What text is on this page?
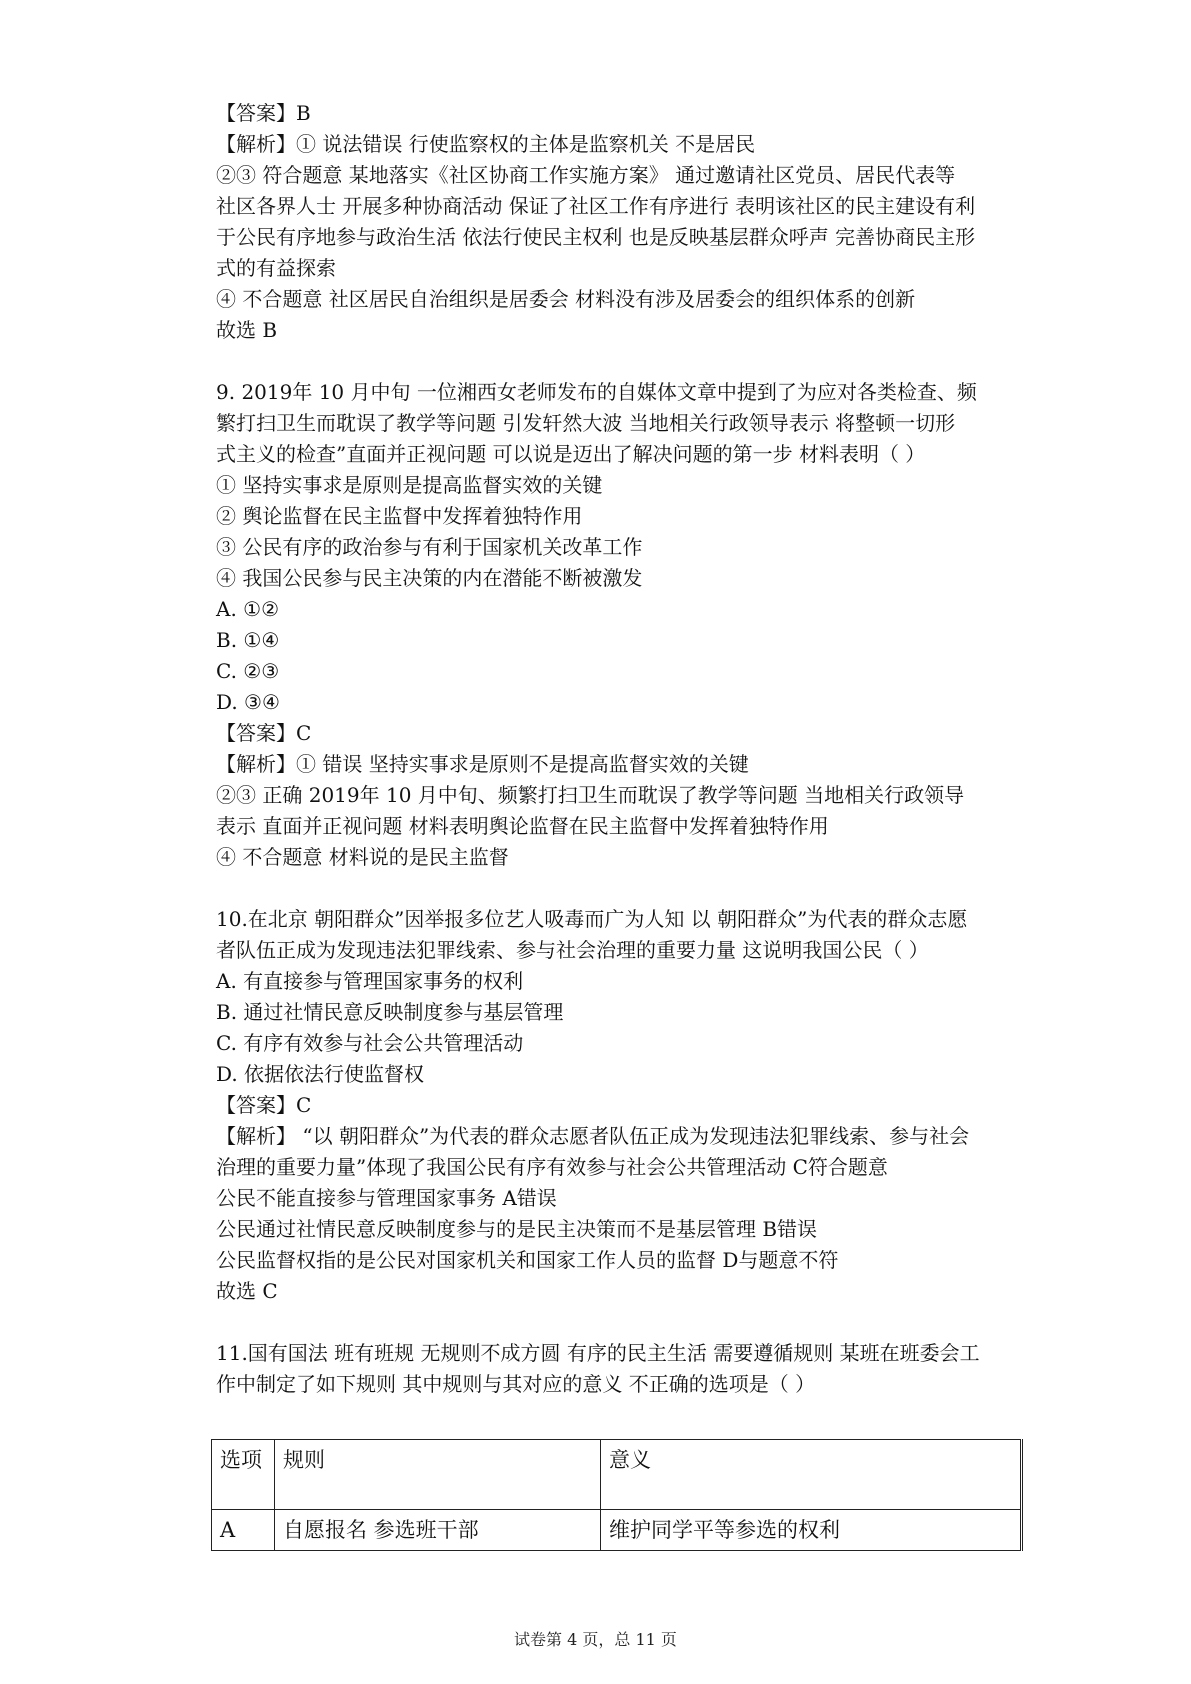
【答案】B
【解析】① 说法错误 行使监察权的主体是监察机关 不是居民
②③ 符合题意 某地落实《社区协商工作实施方案》 通过邀请社区党员、居民代表等
社区各界人士 开展多种协商活动 保证了社区工作有序进行 表明该社区的民主建设有利
于公民有序地参与政治生活 依法行使民主权利 也是反映基层群众呼声 完善协商民主形
式的有益探索
④ 不合题意 社区居民自治组织是居委会 材料没有涉及居委会的组织体系的创新
故选 B
9. 2019年 10 月中旬 一位湘西女老师发布的自媒体文章中提到了为应对各类检查、频
繁打扫卫生而耽误了教学等问题 引发轩然大波 当地相关行政领导表示 将整顿一切形
式主义的检查”直面并正视问题 可以说是迈出了解决问题的第一步 材料表明（ ）
① 坚持实事求是原则是提高监督实效的关键
② 舆论监督在民主监督中发挥着独特作用
③ 公民有序的政治参与有利于国家机关改革工作
④ 我国公民参与民主决策的内在潜能不断被激发
A. ①②
B. ①④
C. ②③
D. ③④
【答案】C
【解析】① 错误 坚持实事求是原则不是提高监督实效的关键
②③ 正确 2019年 10 月中旬、频繁打扫卫生而耽误了教学等问题 当地相关行政领导
表示 直面并正视问题 材料表明舆论监督在民主监督中发挥着独特作用
④ 不合题意 材料说的是民主监督
10.在北京 朝阳群众”因举报多位艺人吸毒而广为人知 以 朝阳群众”为代表的群众志愿
者队伍正成为发现违法犯罪线索、参与社会治理的重要力量 这说明我国公民（ ）
A. 有直接参与管理国家事务的权利
B. 通过社情民意反映制度参与基层管理
C. 有序有效参与社会公共管理活动
D. 依据依法行使监督权
【答案】C
【解析】 “以 朝阳群众”为代表的群众志愿者队伍正成为发现违法犯罪线索、参与社会
治理的重要力量”体现了我国公民有序有效参与社会公共管理活动 C符合题意
公民不能直接参与管理国家事务 A错误
公民通过社情民意反映制度参与的是民主决策而不是基层管理 B错误
公民监督权指的是公民对国家机关和国家工作人员的监督 D与题意不符
故选 C
11.国有国法 班有班规 无规则不成方圆 有序的民主生活 需要遵循规则 某班在班委会工
作中制定了如下规则 其中规则与其对应的意义 不正确的选项是（ ）
选项	规则	意义
A	自愿报名 参选班干部	维护同学平等参选的权利
试卷第 4 页，总 11 页
